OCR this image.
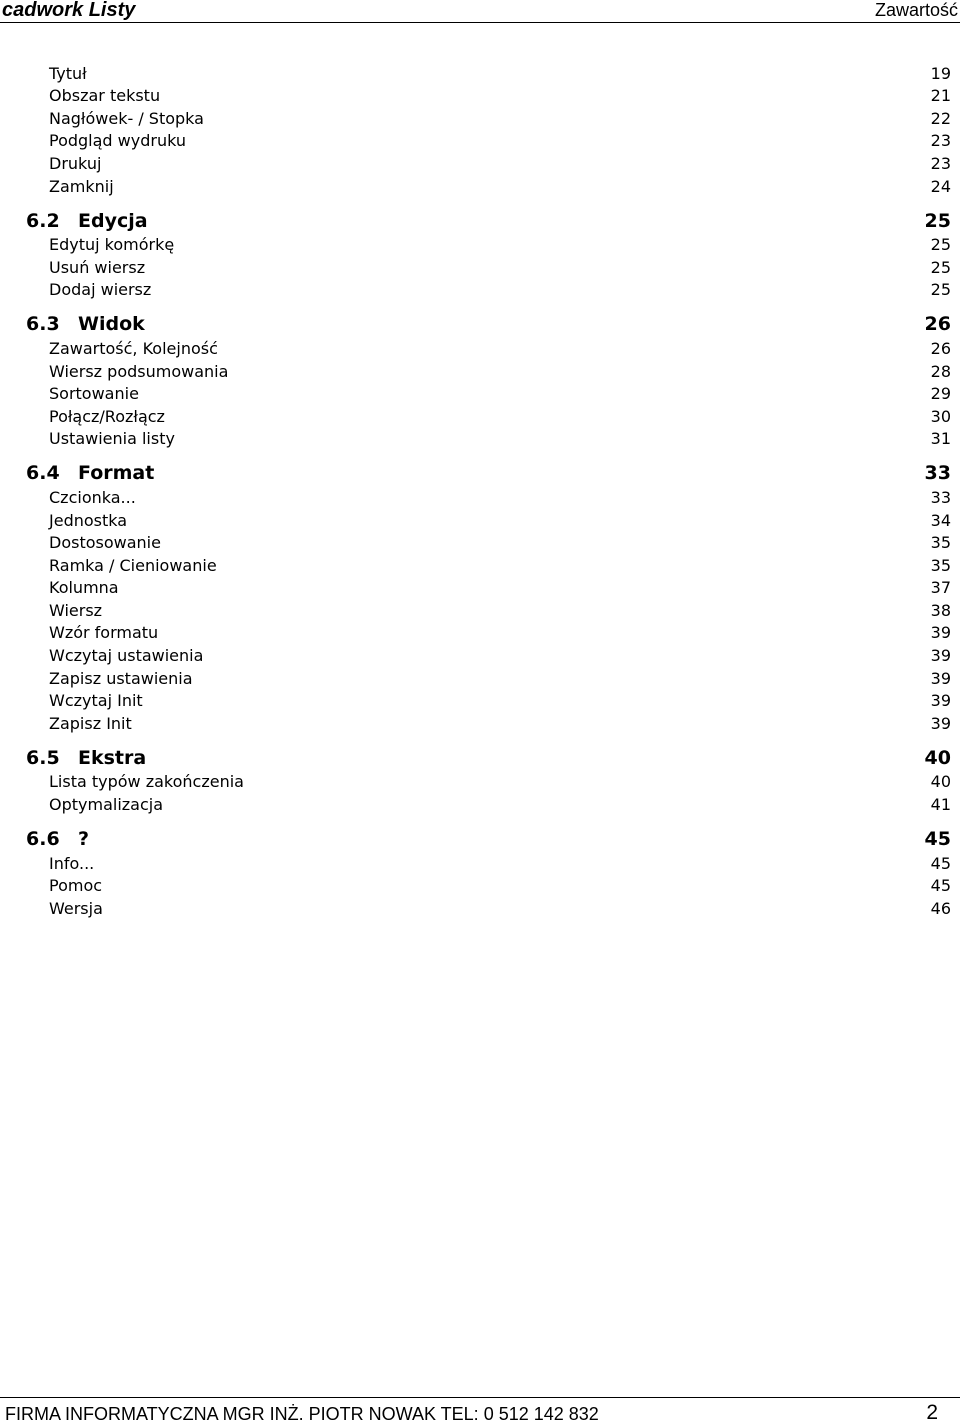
cadwork Listy	Zawartość
Tytuł	19
Obszar tekstu	21
Nagłówek- / Stopka	22
Podgląd wydruku	23
Drukuj	23
Zamknij	24
6.2 Edycja	25
Edytuj komórkę	25
Usuń wiersz	25
Dodaj wiersz	25
6.3 Widok	26
Zawartość, Kolejność	26
Wiersz podsumowania	28
Sortowanie	29
Połącz/Rozłącz	30
Ustawienia listy	31
6.4 Format	33
Czcionka...	33
Jednostka	34
Dostosowanie	35
Ramka / Cieniowanie	35
Kolumna	37
Wiersz	38
Wzór formatu	39
Wczytaj ustawienia	39
Zapisz ustawienia	39
Wczytaj Init	39
Zapisz Init	39
6.5 Ekstra	40
Lista typów zakończenia	40
Optymalizacja	41
6.6 ?	45
Info...	45
Pomoc	45
Wersja	46
FIRMA INFORMATYCZNA MGR INŻ. PIOTR NOWAK TEL: 0 512 142 832	2
